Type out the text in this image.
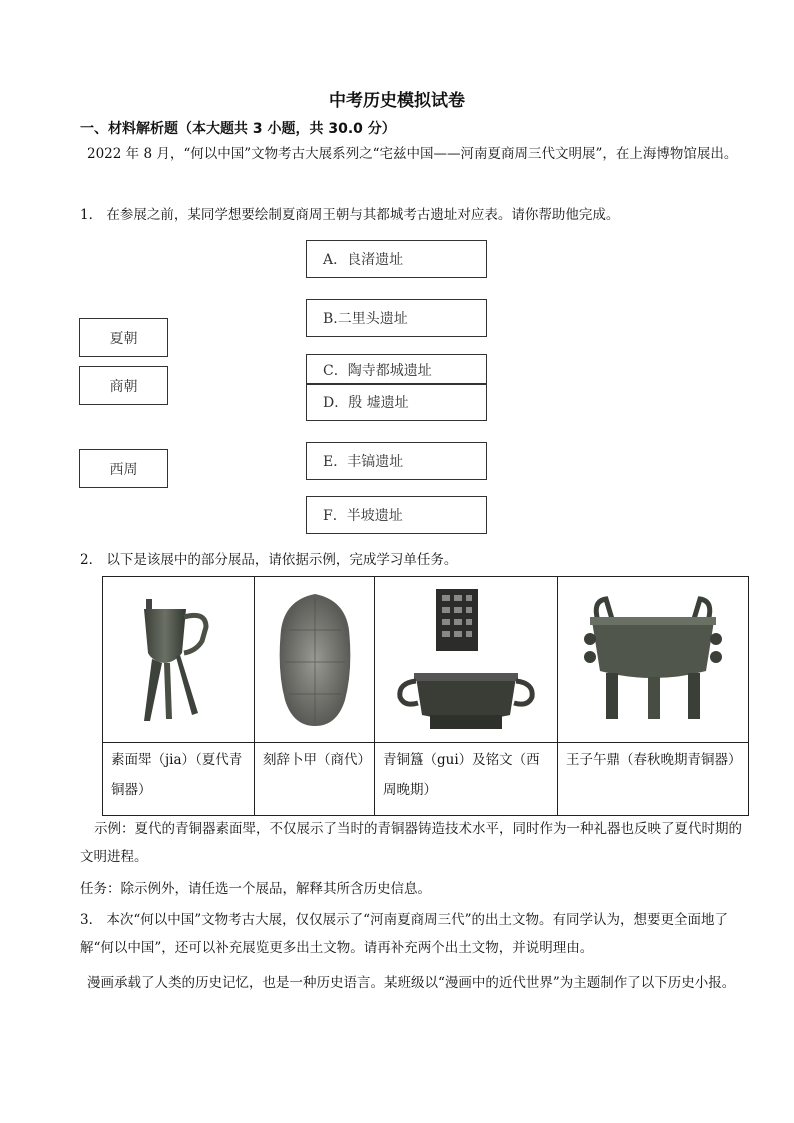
中考历史模拟试卷
一、材料解析题（本大题共 3 小题，共 30.0 分）
2022 年 8 月，“何以中国”文物考古大展系列之“宅兹中国——河南夏商周三代文明展”，在上海博物馆展出。
1． 在参展之前，某同学想要绘制夏商周王朝与其都城考古遗址对应表。请你帮助他完成。
夏朝
商朝
西周
A．良渚遗址
B.二里头遗址
C．陶寺都城遗址
D．殷 墟遗址
E．丰镐遗址
F．半坡遗址
2． 以下是该展中的部分展品，请依据示例，完成学习单任务。

素面斝（jia）（夏代青铜器）	刻辞卜甲（商代）	青铜簋（gui）及铭文（西周晚期）	王子午鼎（春秋晚期青铜器）
示例：夏代的青铜器素面斝，不仅展示了当时的青铜器铸造技术水平，同时作为一种礼器也反映了夏代时期的文明进程。
任务：除示例外，请任选一个展品，解释其所含历史信息。
3． 本次“何以中国”文物考古大展，仅仅展示了“河南夏商周三代”的出土文物。有同学认为，想要更全面地了解“何以中国”，还可以补充展览更多出土文物。请再补充两个出土文物，并说明理由。
漫画承载了人类的历史记忆，也是一种历史语言。某班级以“漫画中的近代世界”为主题制作了以下历史小报。
